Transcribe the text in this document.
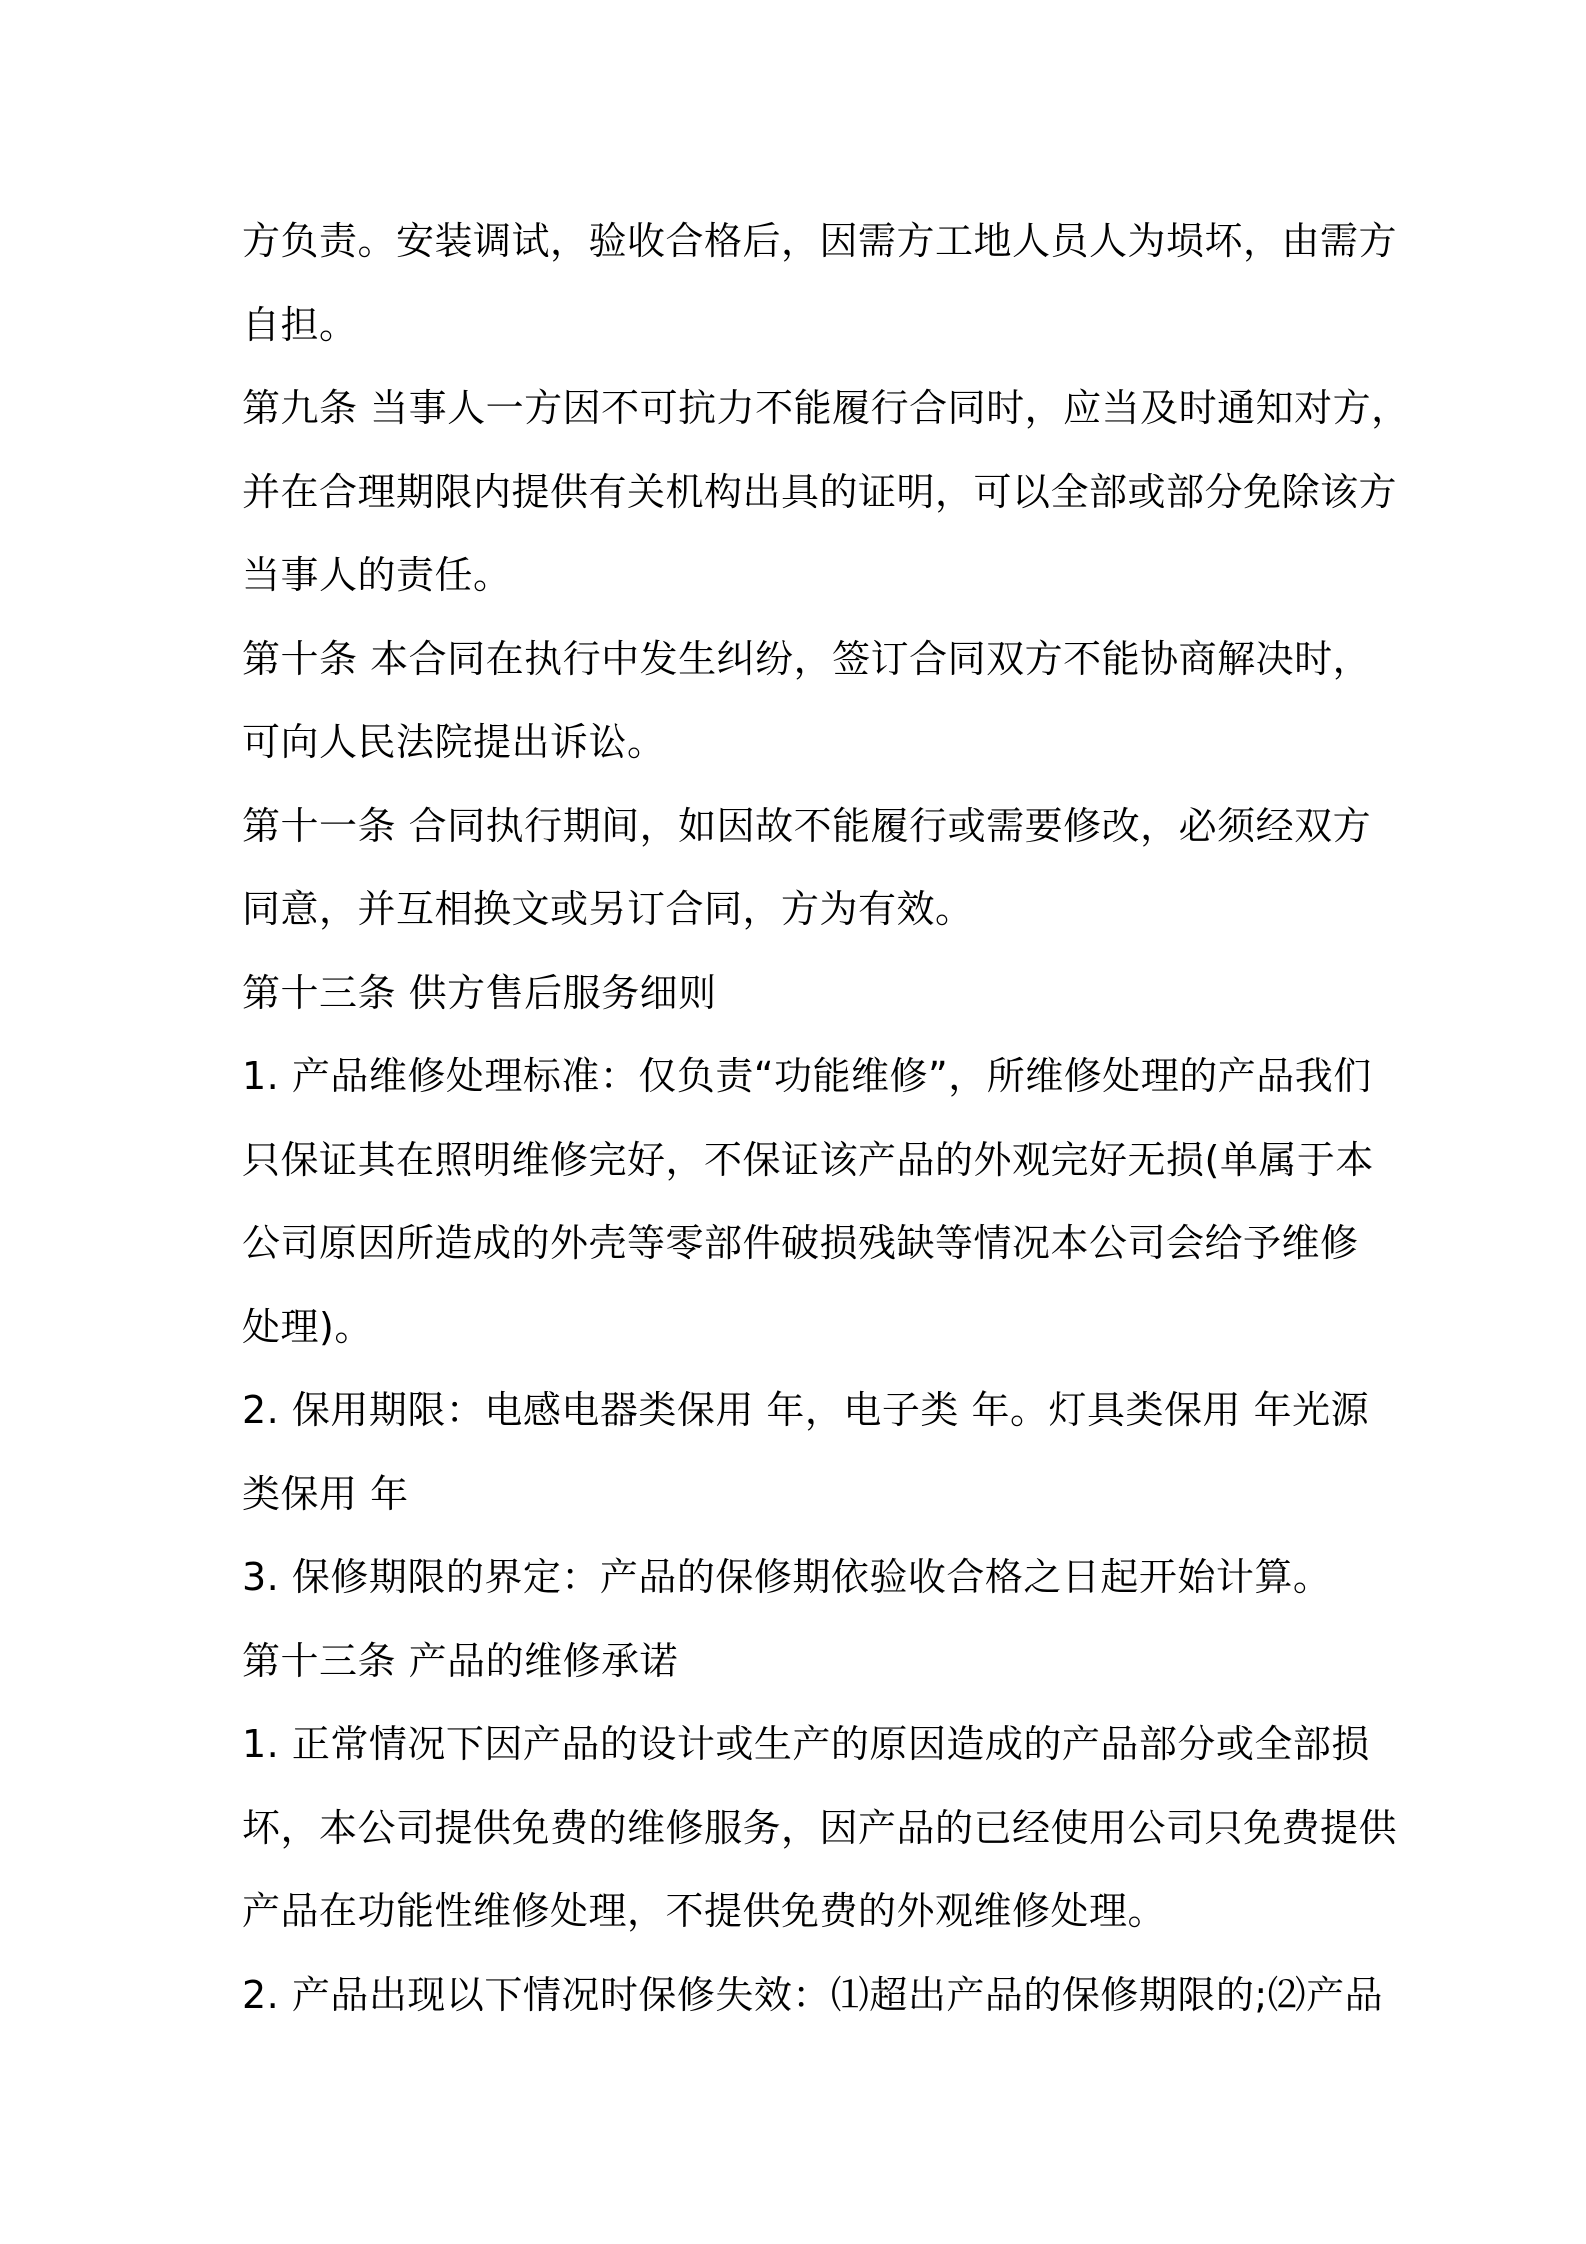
方负责。安装调试，验收合格后，因需方工地人员人为埙坏，由需方
自担。
第九条 当事人一方因不可抗力不能履行合同时，应当及时通知对方，
并在合理期限内提供有关机构出具的证明，可以全部或部分免除该方
当事人的责任。
第十条 本合同在执行中发生纠纷，签订合同双方不能协商解决时，
可向人民法院提出诉讼。
第十一条 合同执行期间，如因故不能履行或需要修改，必须经双方
同意，并互相换文或另订合同，方为有效。
第十三条 供方售后服务细则
1. 产品维修处理标准：仅负责“功能维修”，所维修处理的产品我们
只保证其在照明维修完好，不保证该产品的外观完好无损(单属于本
公司原因所造成的外壳等零部件破损残缺等情况本公司会给予维修
处理)。
2. 保用期限：电感电器类保用 年，电子类 年。灯具类保用 年光源
类保用 年
3. 保修期限的界定：产品的保修期依验收合格之日起开始计算。
第十三条 产品的维修承诺
1. 正常情况下因产品的设计或生产的原因造成的产品部分或全部损
坏，本公司提供免费的维修服务，因产品的已经使用公司只免费提供
产品在功能性维修处理，不提供免费的外观维修处理。
2. 产品出现以下情况时保修失效：⑴超出产品的保修期限的;⑵产品
